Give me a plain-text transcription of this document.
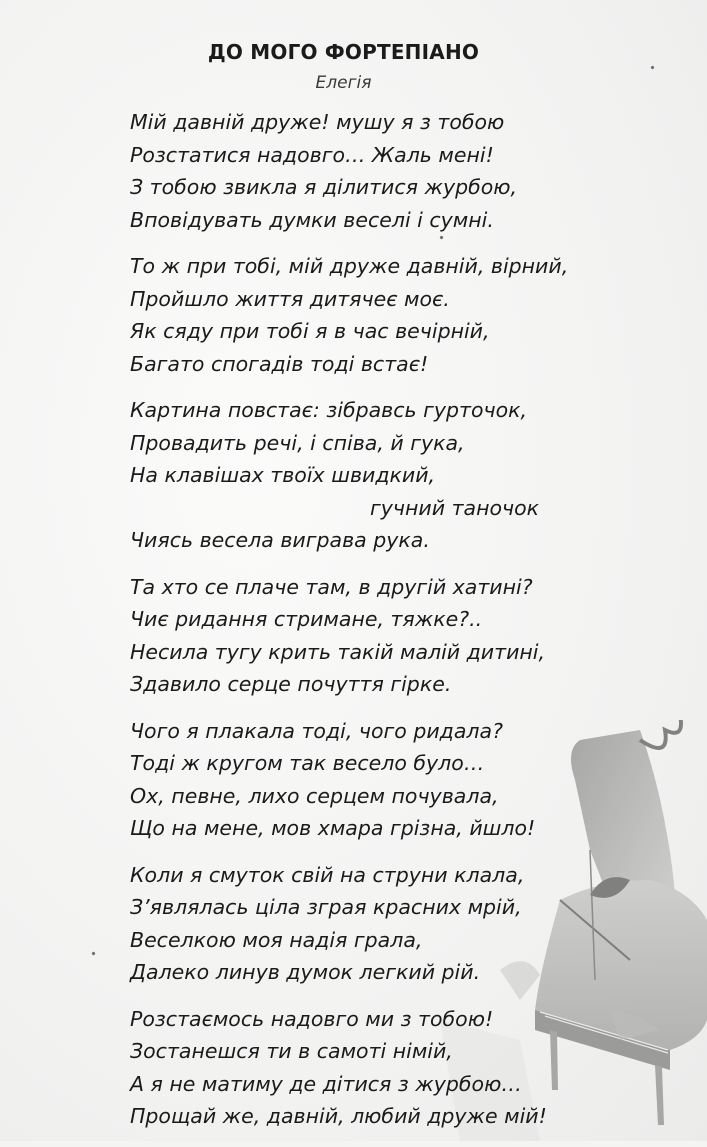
ДО МОГО ФОРТЕПІАНО
Елегія
Мій давній друже! мушу я з тобою
Розстатися надовго… Жаль мені!
З тобою звикла я ділитися журбою,
Вповідувать думки веселі і сумні.
То ж при тобі, мій друже давній, вірний,
Пройшло життя дитячеє моє.
Як сяду при тобі я в час вечірній,
Багато спогадів тоді встає!
Картина повстає: зібравсь гурточок,
Провадить речі, і співа, й гука,
На клавішах твоїх швидкий,
гучний таночок
Чиясь весела вигрaва рука.
Та хто се плаче там, в другій хатині?
Чиє ридання стримане, тяжке?..
Несила тугу крить такій малій дитині,
Здавило серце почуття гірке.
Чого я плакала тоді, чого ридала?
Тоді ж кругом так весело було…
Ох, певне, лихо серцем почувала,
Що на мене, мов хмара грізна, йшло!
Коли я смуток свій на струни клала,
З’являлась ціла зграя красних мрій,
Веселкою моя надія грала,
Далеко линув думок легкий рій.
Розстаємось надовго ми з тобою!
Зостанешся ти в самоті німій,
А я не матиму де дітися з журбою…
Прощай же, давній, любий друже мій!
